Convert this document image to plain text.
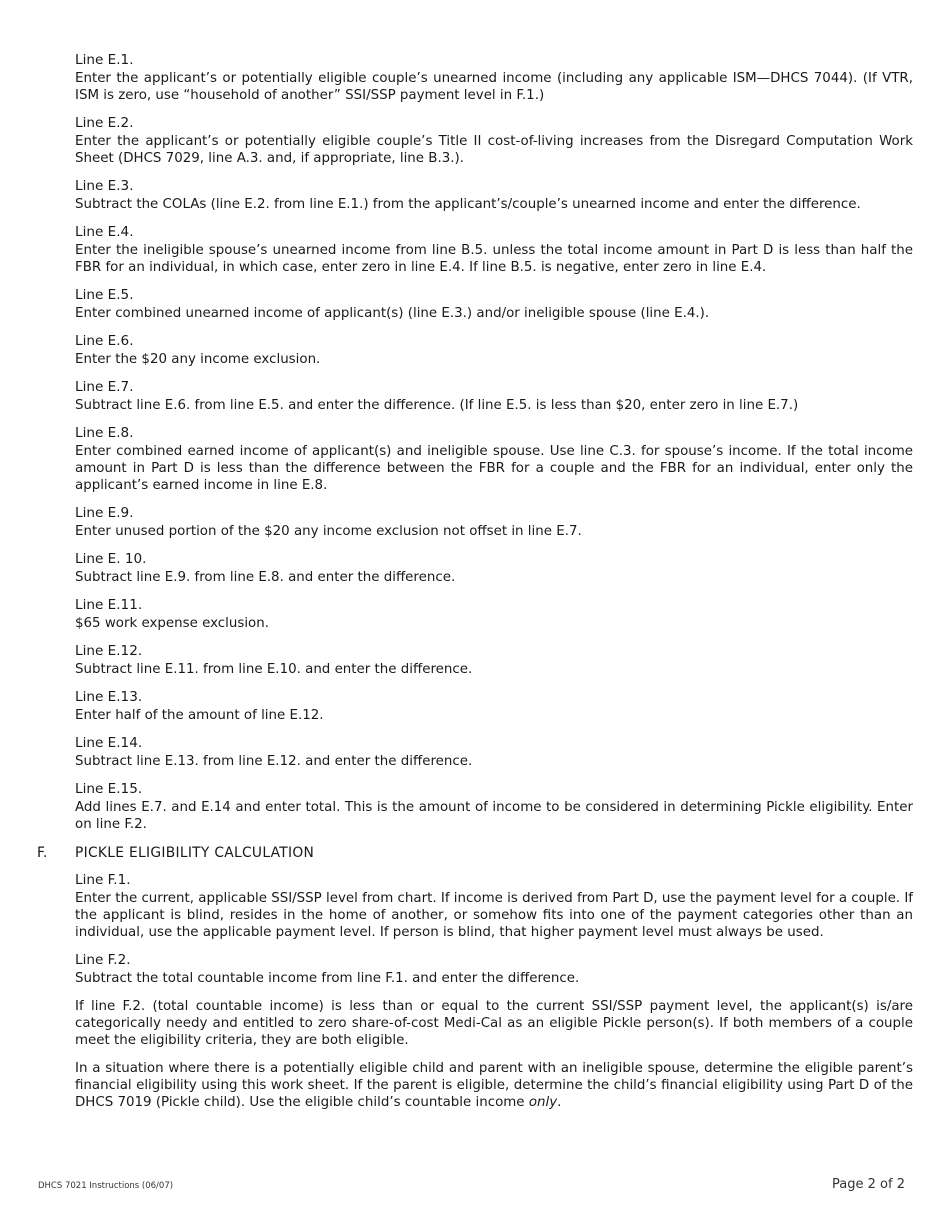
Line E.1.
Enter the applicant’s or potentially eligible couple’s unearned income (including any applicable ISM—DHCS 7044). (If VTR, ISM is zero, use “household of another” SSI/SSP payment level in F.1.)
Line E.2.
Enter the applicant’s or potentially eligible couple’s Title II cost-of-living increases from the Disregard Computation Work Sheet (DHCS 7029, line A.3. and, if appropriate, line B.3.).
Line E.3.
Subtract the COLAs (line E.2. from line E.1.) from the applicant’s/couple’s unearned income and enter the difference.
Line E.4.
Enter the ineligible spouse’s unearned income from line B.5. unless the total income amount in Part D is less than half the FBR for an individual, in which case, enter zero in line E.4. If line B.5. is negative, enter zero in line E.4.
Line E.5.
Enter combined unearned income of applicant(s) (line E.3.) and/or ineligible spouse (line E.4.).
Line E.6.
Enter the $20 any income exclusion.
Line E.7.
Subtract line E.6. from line E.5. and enter the difference. (If line E.5. is less than $20, enter zero in line E.7.)
Line E.8.
Enter combined earned income of applicant(s) and ineligible spouse. Use line C.3. for spouse’s income. If the total income amount in Part D is less than the difference between the FBR for a couple and the FBR for an individual, enter only the applicant’s earned income in line E.8.
Line E.9.
Enter unused portion of the $20 any income exclusion not offset in line E.7.
Line E. 10.
Subtract line E.9. from line E.8. and enter the difference.
Line E.11.
$65 work expense exclusion.
Line E.12.
Subtract line E.11. from line E.10. and enter the difference.
Line E.13.
Enter half of the amount of line E.12.
Line E.14.
Subtract line E.13. from line E.12. and enter the difference.
Line E.15.
Add lines E.7. and E.14 and enter total. This is the amount of income to be considered in determining Pickle eligibility. Enter on line F.2.
F. PICKLE ELIGIBILITY CALCULATION
Line F.1.
Enter the current, applicable SSI/SSP level from chart. If income is derived from Part D, use the payment level for a couple. If the applicant is blind, resides in the home of another, or somehow fits into one of the payment categories other than an individual, use the applicable payment level. If person is blind, that higher payment level must always be used.
Line F.2.
Subtract the total countable income from line F.1. and enter the difference.
If line F.2. (total countable income) is less than or equal to the current SSI/SSP payment level, the applicant(s) is/are categorically needy and entitled to zero share-of-cost Medi-Cal as an eligible Pickle person(s). If both members of a couple meet the eligibility criteria, they are both eligible.
In a situation where there is a potentially eligible child and parent with an ineligible spouse, determine the eligible parent’s financial eligibility using this work sheet. If the parent is eligible, determine the child’s financial eligibility using Part D of the DHCS 7019 (Pickle child). Use the eligible child’s countable income only.
DHCS 7021 Instructions (06/07)	Page 2 of 2
